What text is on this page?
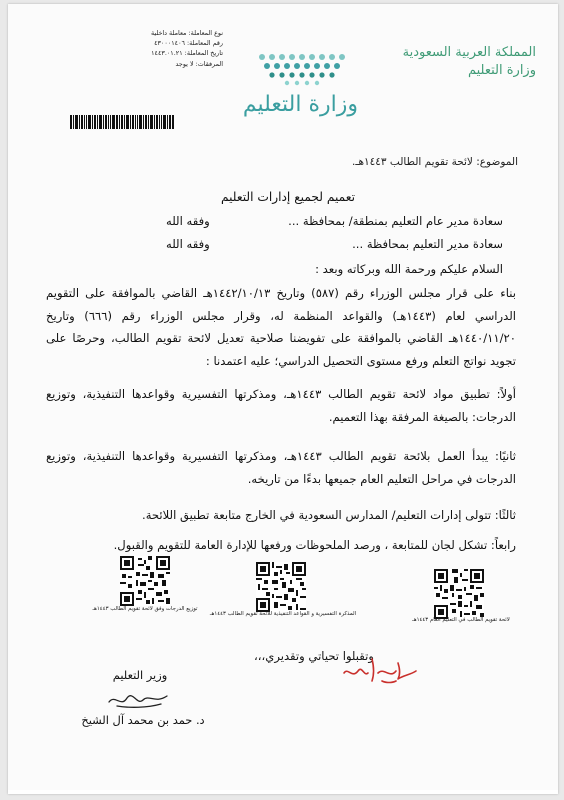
المملكة العربية السعودية
وزارة التعليم
وزارة التعليم
نوع المعاملة: معاملة داخلية
رقم المعاملة: ٤٣٠٠٠١٤٠٦
تاريخ المعاملة: ١٤٤٣.٠١.٢١
المرفقات: لا يوجد
الموضوع: لائحة تقويم الطالب ١٤٤٣هـ.
تعميم لجميع إدارات التعليم
سعادة مدير عام التعليم بمنطقة/ بمحافظة ...
وفقه الله
سعادة مدير التعليم بمحافظة ...
وفقه الله
السلام عليكم ورحمة الله وبركاته وبعد :
بناء على قرار مجلس الوزراء رقم (٥٨٧) وتاريخ ١٤٤٢/١٠/١٣هـ القاضي بالموافقة على التقويم الدراسي لعام (١٤٤٣هـ) والقواعد المنظمة له، وقرار مجلس الوزراء رقم (٦٦٦) وتاريخ ١٤٤٠/١١/٢٠هـ القاضي بالموافقة على تفويضنا صلاحية تعديل لائحة تقويم الطالب، وحرصًا على تجويد نواتج التعلم ورفع مستوى التحصيل الدراسي؛ عليه اعتمدنا :
أولاً: تطبيق مواد لائحة تقويم الطالب ١٤٤٣هـ، ومذكرتها التفسيرية وقواعدها التنفيذية، وتوزيع الدرجات: بالصيغة المرفقة بهذا التعميم.
ثانيًا: يبدأ العمل بلائحة تقويم الطالب ١٤٤٣هـ، ومذكرتها التفسيرية وقواعدها التنفيذية، وتوزيع الدرجات في مراحل التعليم العام جميعها بدءًا من تاريخه.
ثالثًا: تتولى إدارات التعليم/ المدارس السعودية في الخارج متابعة تطبيق اللائحة.
رابعاً: تشكل لجان للمتابعة ، ورصد الملحوظات ورفعها للإدارة العامة للتقويم والقبول.
توزيع الدرجات وفق لائحة تقويم الطالب ١٤٤٣هـ
المذكرة التفسيرية و القواعد التنفيذية للائحة تقويم الطالب ١٤٤٣هـ
لائحة تقويم الطالب في التعليم العام ١٤٤٣هـ
وتقبلوا تحياتي وتقديري،،،
وزير التعليم
د. حمد بن محمد آل الشيخ
